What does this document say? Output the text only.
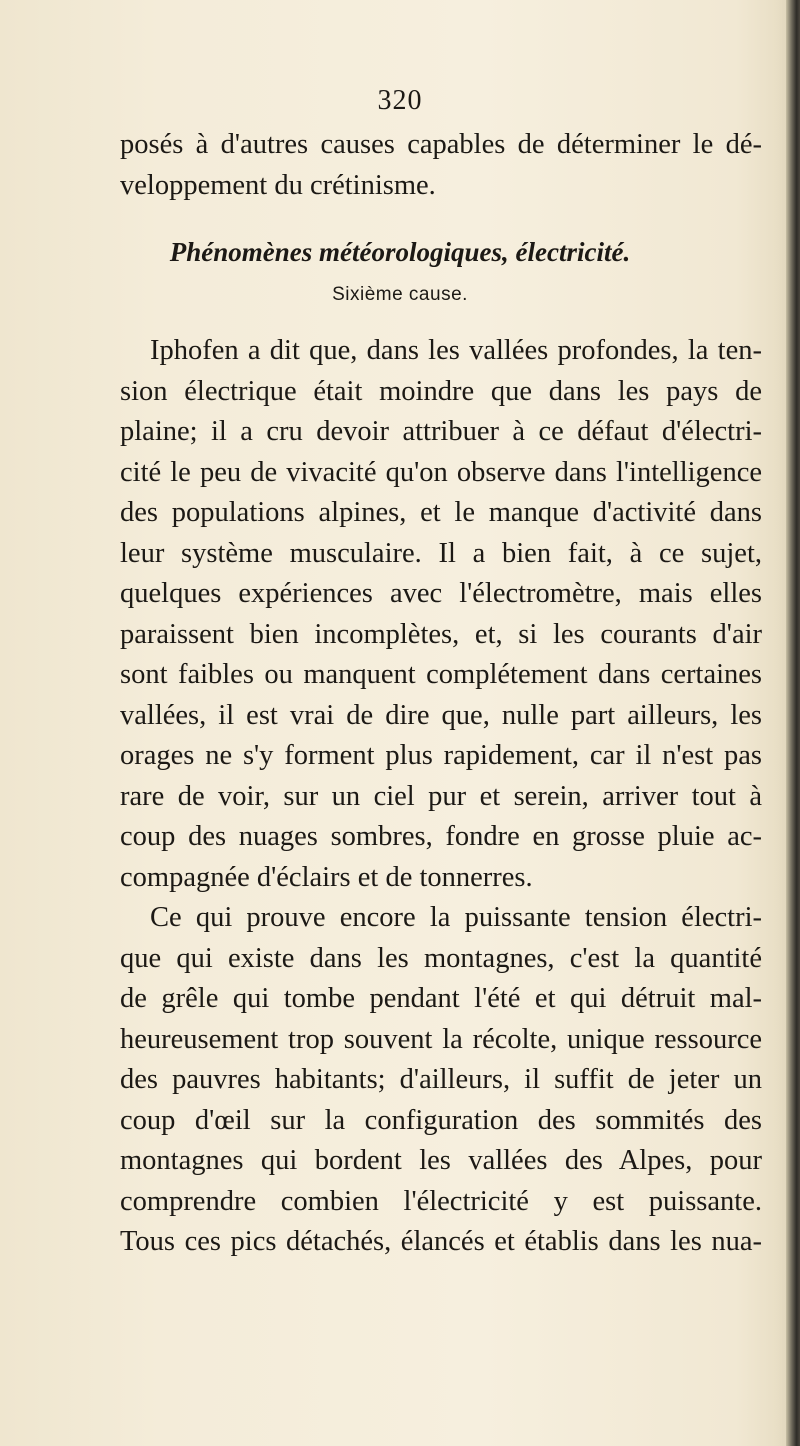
320
posés à d'autres causes capables de déterminer le dé-
veloppement du crétinisme.
Phénomènes météorologiques, électricité.
Sixième cause.
Iphofen a dit que, dans les vallées profondes, la ten-
sion électrique était moindre que dans les pays de
plaine; il a cru devoir attribuer à ce défaut d'électri-
cité le peu de vivacité qu'on observe dans l'intelligence
des populations alpines, et le manque d'activité dans
leur système musculaire. Il a bien fait, à ce sujet,
quelques expériences avec l'électromètre, mais elles
paraissent bien incomplètes, et, si les courants d'air
sont faibles ou manquent complétement dans certaines
vallées, il est vrai de dire que, nulle part ailleurs, les
orages ne s'y forment plus rapidement, car il n'est pas
rare de voir, sur un ciel pur et serein, arriver tout à
coup des nuages sombres, fondre en grosse pluie ac-
compagnée d'éclairs et de tonnerres.
Ce qui prouve encore la puissante tension électri-
que qui existe dans les montagnes, c'est la quantité
de grêle qui tombe pendant l'été et qui détruit mal-
heureusement trop souvent la récolte, unique ressource
des pauvres habitants; d'ailleurs, il suffit de jeter un
coup d'œil sur la configuration des sommités des
montagnes qui bordent les vallées des Alpes, pour
comprendre combien l'électricité y est puissante.
Tous ces pics détachés, élancés et établis dans les nua-
